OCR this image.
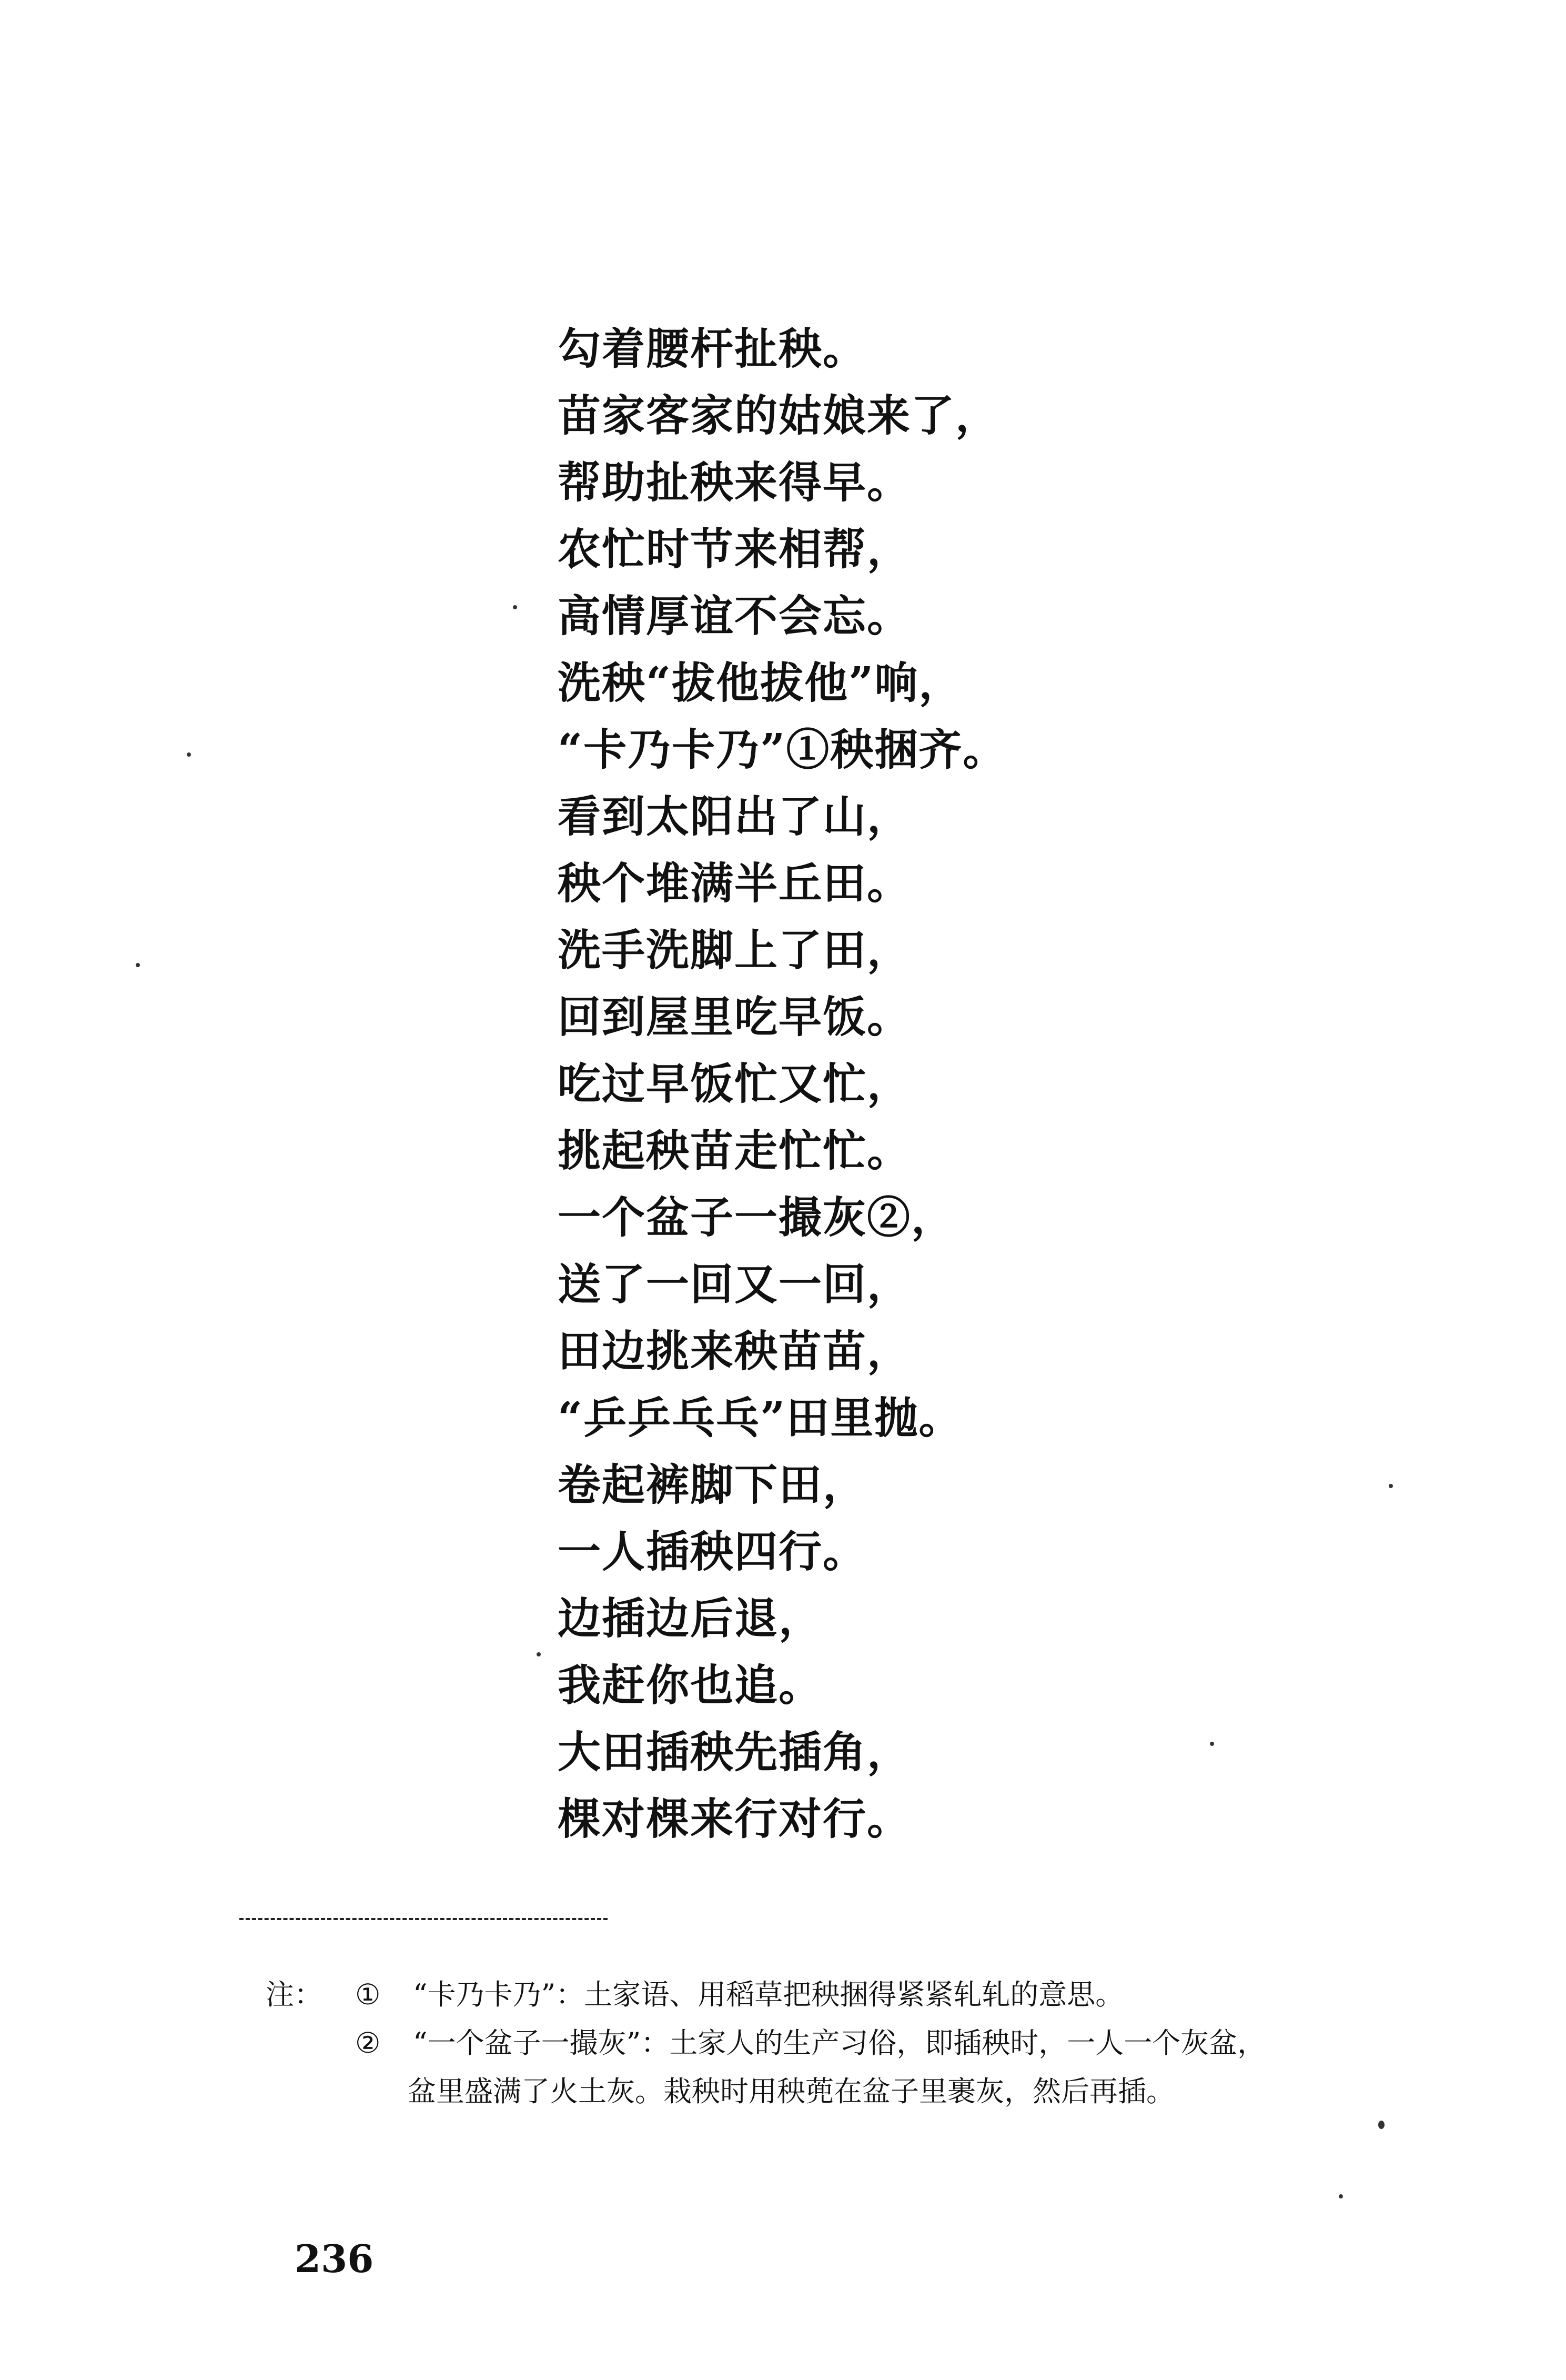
勾着腰杆扯秧。
苗家客家的姑娘来了，
帮助扯秧来得早。
农忙时节来相帮，
高情厚谊不会忘。
洗秧“拔他拔他”响，
“卡乃卡乃”①秧捆齐。
看到太阳出了山，
秧个堆满半丘田。
洗手洗脚上了田，
回到屋里吃早饭。
吃过早饭忙又忙，
挑起秧苗走忙忙。
一个盆子一撮灰②，
送了一回又一回，
田边挑来秧苗苗，
“乒乒乓乓”田里抛。
卷起裤脚下田，
一人插秧四行。
边插边后退，
我赶你也追。
大田插秧先插角，
棵对棵来行对行。
注： ① “卡乃卡乃”：土家语、用稻草把秧捆得紧紧轧轧的意思。
② “一个盆子一撮灰”：土家人的生产习俗，即插秧时，一人一个灰盆，
盆里盛满了火土灰。栽秧时用秧蔸在盆子里裹灰，然后再插。
236
